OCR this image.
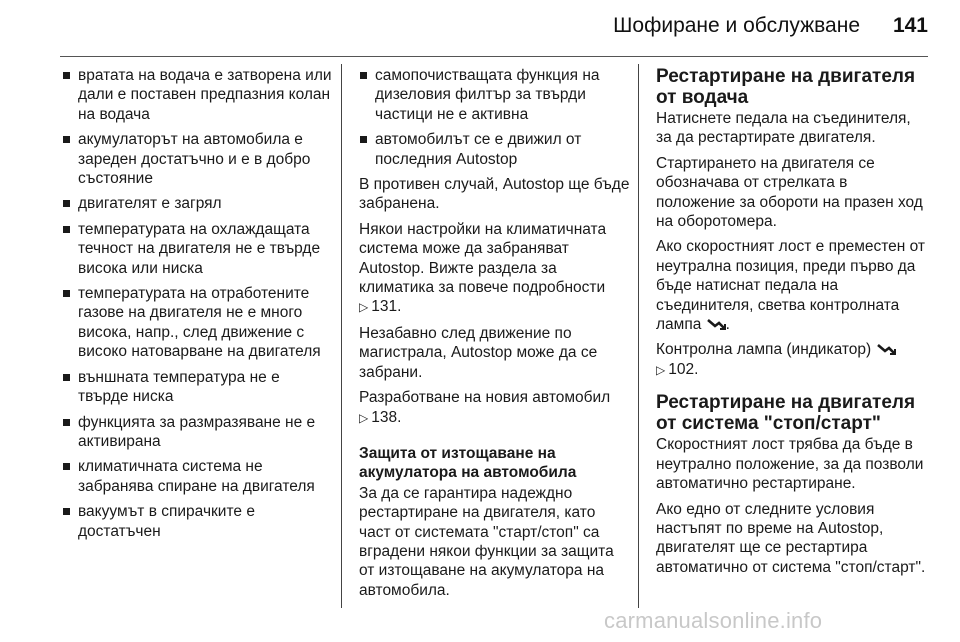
Шофиране и обслужване	141
вратата на водача е затворена или дали е поставен предпазния колан на водача
акумулаторът на автомобила е зареден достатъчно и е в добро състояние
двигателят е загрял
температурата на охлаждащата течност на двигателя не е твърде висока или ниска
температурата на отработените газове на двигателя не е много висока, напр., след движение с високо натоварване на двигателя
външната температура не е твърде ниска
функцията за размразяване не е активирана
климатичната система не забранява спиране на двигателя
вакуумът в спирачките е достатъчен
самопочистващата функция на дизеловия филтър за твърди частици не е активна
автомобилът се е движил от последния Autostop

В противен случай, Autostop ще бъде забранена.

Някои настройки на климатичната система може да забраняват Autostop. Вижте раздела за климатика за повече подробности
▷ 131.

Незабавно след движение по магистрала, Autostop може да се забрани.

Разработване на новия автомобил
▷ 138.

Защита от изтощаване на акумулатора на автомобила

За да се гарантира надеждно рестартиране на двигателя, като част от системата "старт/стоп" са вградени някои функции за защита от изтощаване на акумулатора на автомобила.

Рестартиране на двигателя от водача

Натиснете педала на съединителя, за да рестартирате двигателя.

Стартирането на двигателя се обозначава от стрелката в положение за обороти на празен ход на оборотомера.

Ако скоростният лост е преместен от неутрална позиция, преди първо да бъде натиснат педала на съединителя, светва контролната лампа .

Контролна лампа (индикатор)
▷ 102.

Рестартиране на двигателя от система "стоп/старт"

Скоростният лост трябва да бъде в неутрално положение, за да позволи автоматично рестартиране.

Ако едно от следните условия настъпят по време на Autostop, двигателят ще се рестартира автоматично от система "стоп/старт".

carmanualsonline.info
